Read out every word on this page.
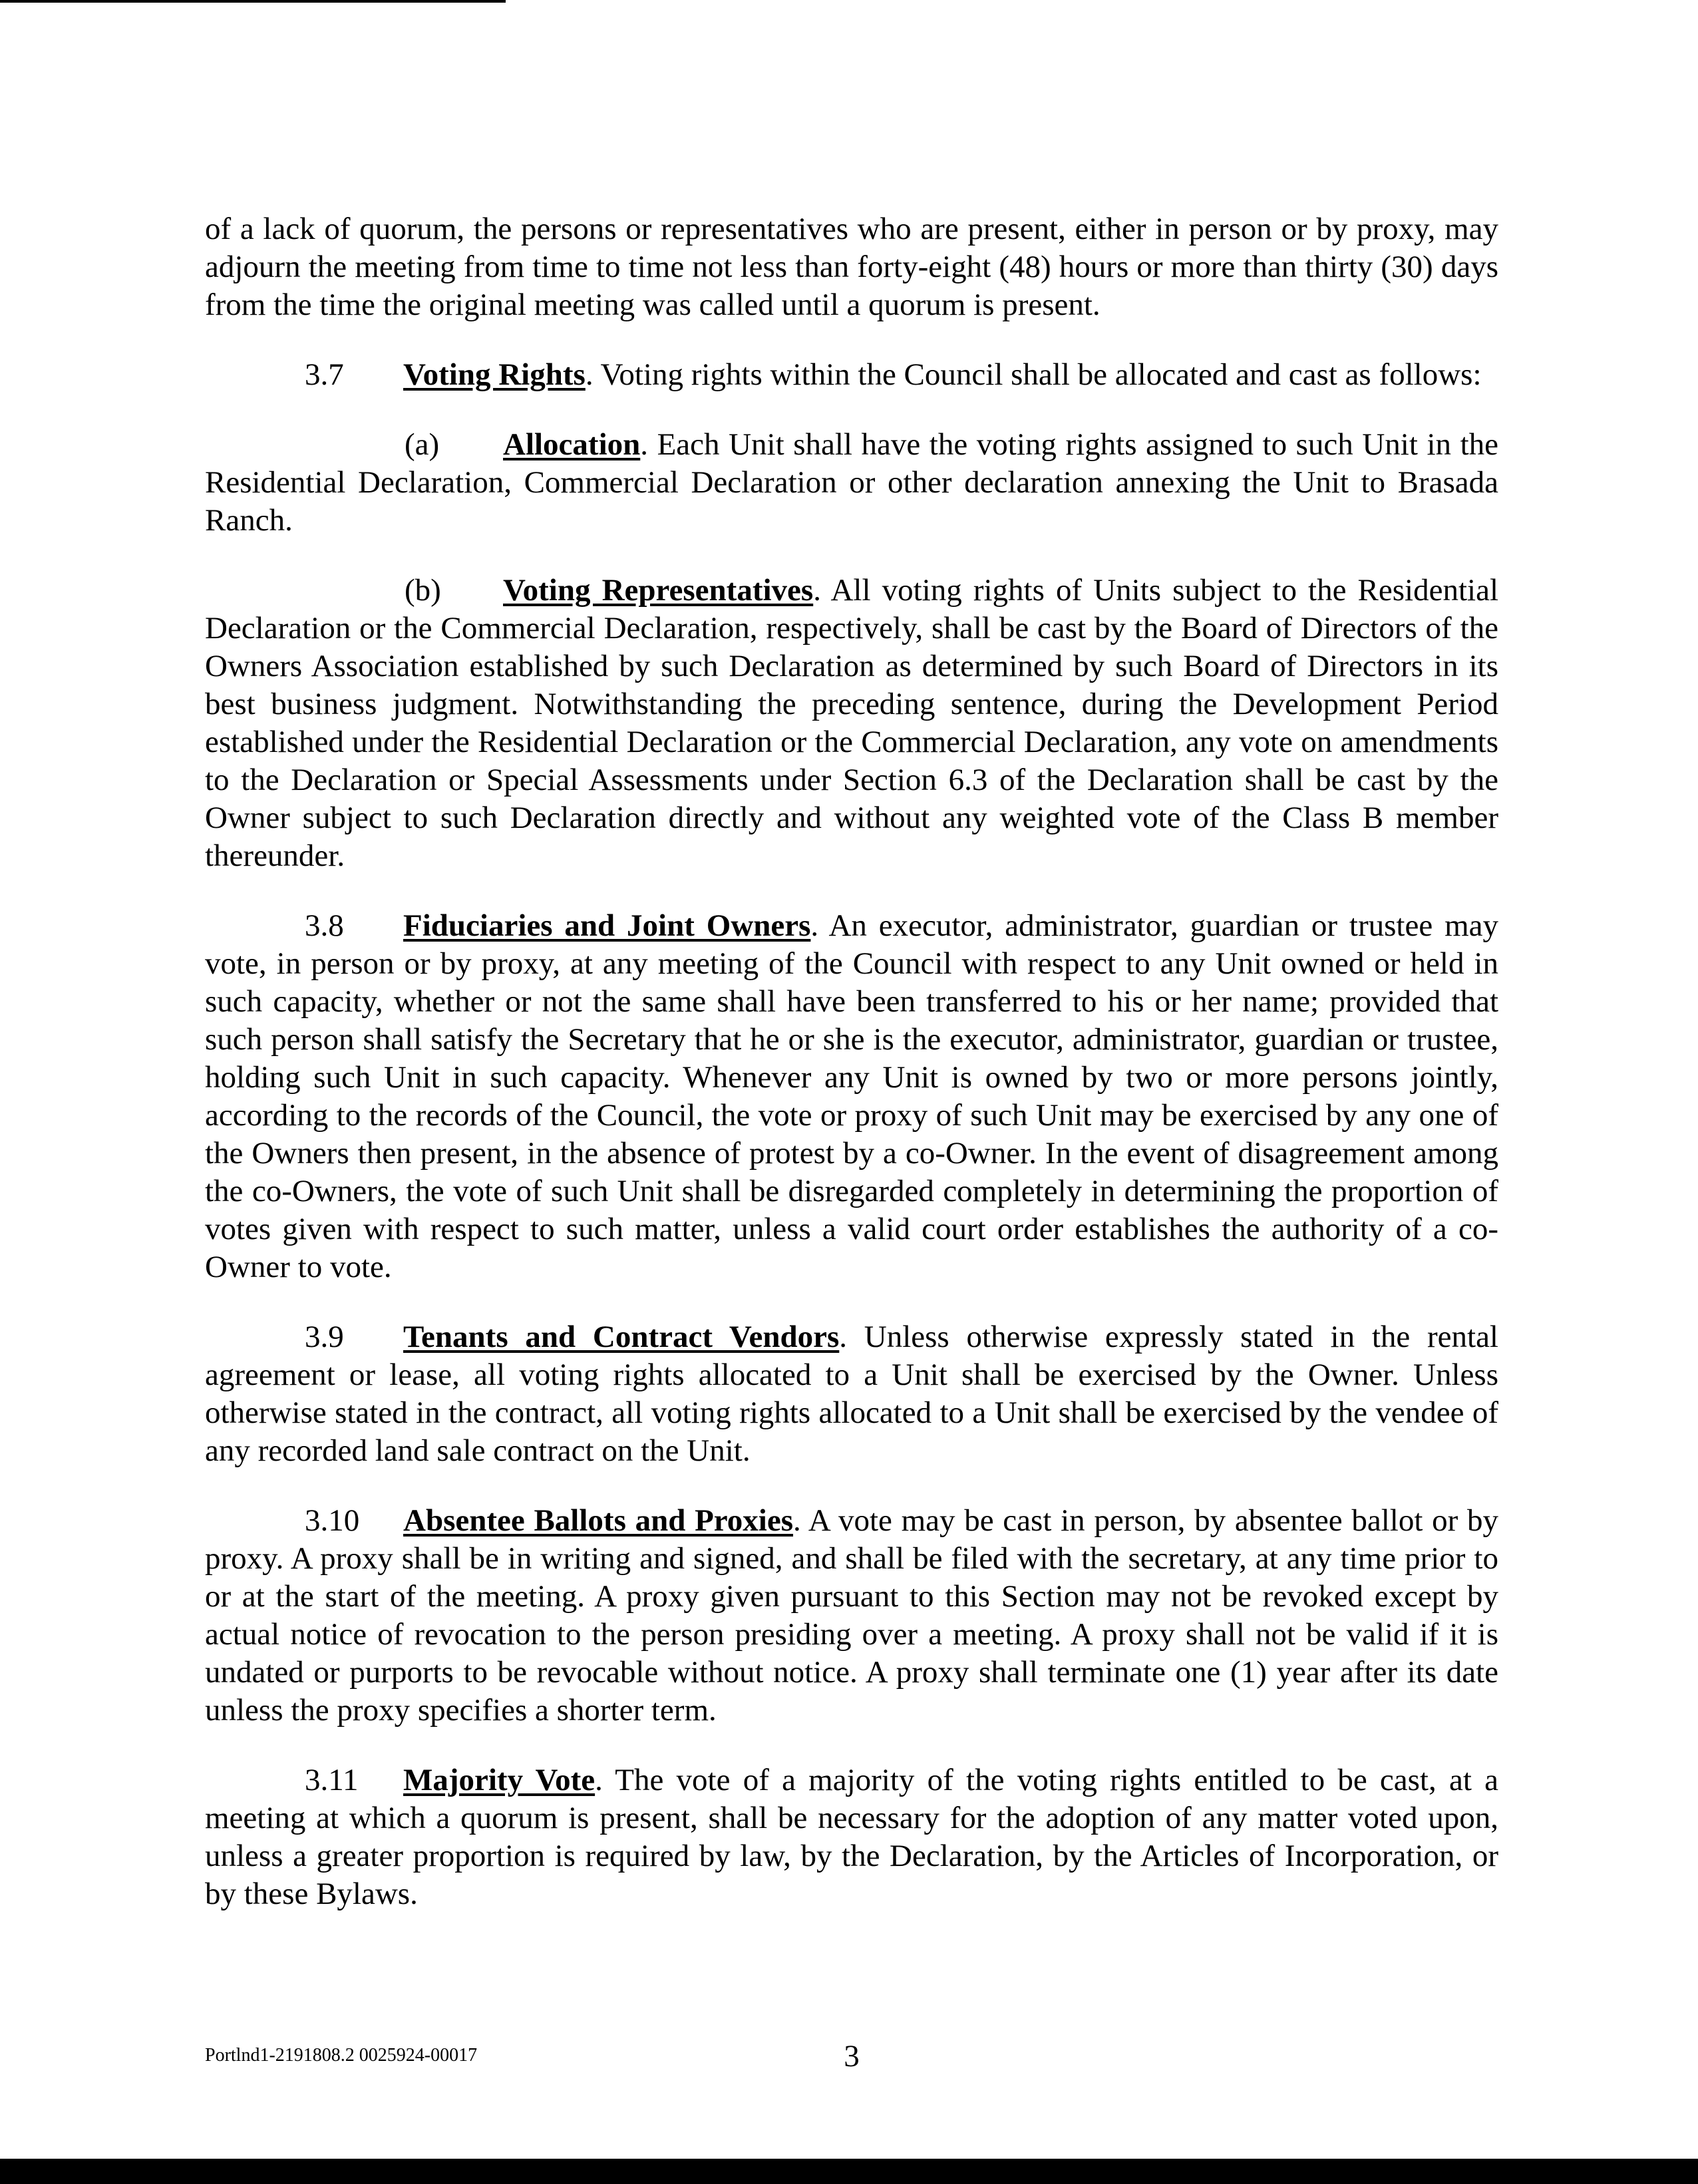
of a lack of quorum, the persons or representatives who are present, either in person or by proxy, may adjourn the meeting from time to time not less than forty-eight (48) hours or more than thirty (30) days from the time the original meeting was called until a quorum is present.

3.7 Voting Rights. Voting rights within the Council shall be allocated and cast as follows:

(a) Allocation. Each Unit shall have the voting rights assigned to such Unit in the Residential Declaration, Commercial Declaration or other declaration annexing the Unit to Brasada Ranch.

(b) Voting Representatives. All voting rights of Units subject to the Residential Declaration or the Commercial Declaration, respectively, shall be cast by the Board of Directors of the Owners Association established by such Declaration as determined by such Board of Directors in its best business judgment. Notwithstanding the preceding sentence, during the Development Period established under the Residential Declaration or the Commercial Declaration, any vote on amendments to the Declaration or Special Assessments under Section 6.3 of the Declaration shall be cast by the Owner subject to such Declaration directly and without any weighted vote of the Class B member thereunder.

3.8 Fiduciaries and Joint Owners. An executor, administrator, guardian or trustee may vote, in person or by proxy, at any meeting of the Council with respect to any Unit owned or held in such capacity, whether or not the same shall have been transferred to his or her name; provided that such person shall satisfy the Secretary that he or she is the executor, administrator, guardian or trustee, holding such Unit in such capacity. Whenever any Unit is owned by two or more persons jointly, according to the records of the Council, the vote or proxy of such Unit may be exercised by any one of the Owners then present, in the absence of protest by a co-Owner. In the event of disagreement among the co-Owners, the vote of such Unit shall be disregarded completely in determining the proportion of votes given with respect to such matter, unless a valid court order establishes the authority of a co-Owner to vote.

3.9 Tenants and Contract Vendors. Unless otherwise expressly stated in the rental agreement or lease, all voting rights allocated to a Unit shall be exercised by the Owner. Unless otherwise stated in the contract, all voting rights allocated to a Unit shall be exercised by the vendee of any recorded land sale contract on the Unit.

3.10 Absentee Ballots and Proxies. A vote may be cast in person, by absentee ballot or by proxy. A proxy shall be in writing and signed, and shall be filed with the secretary, at any time prior to or at the start of the meeting. A proxy given pursuant to this Section may not be revoked except by actual notice of revocation to the person presiding over a meeting. A proxy shall not be valid if it is undated or purports to be revocable without notice. A proxy shall terminate one (1) year after its date unless the proxy specifies a shorter term.

3.11 Majority Vote. The vote of a majority of the voting rights entitled to be cast, at a meeting at which a quorum is present, shall be necessary for the adoption of any matter voted upon, unless a greater proportion is required by law, by the Declaration, by the Articles of Incorporation, or by these Bylaws.

Portlnd1-2191808.2 0025924-00017	3
